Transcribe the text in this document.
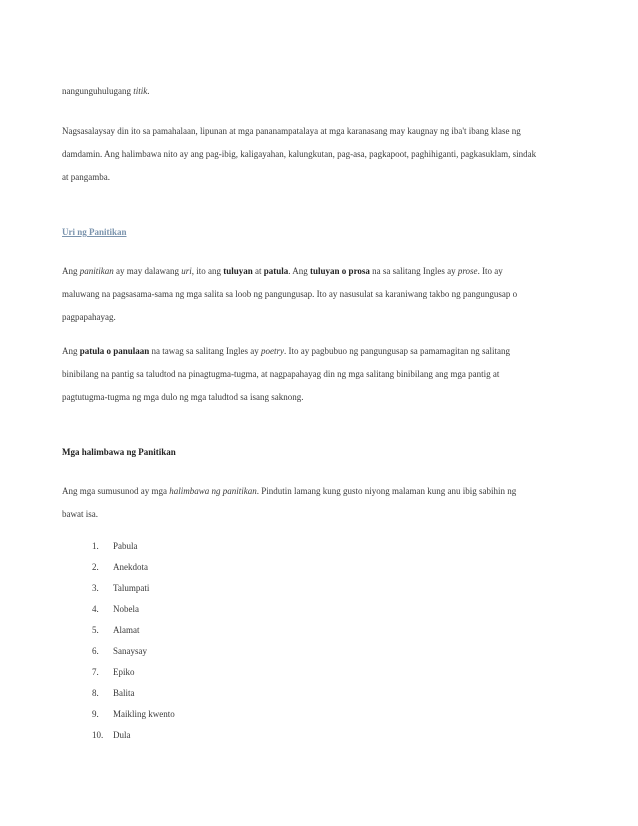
nangunguhulugang titik.
Nagsasalaysay din ito sa pamahalaan, lipunan at mga pananampatalaya at mga karanasang may kaugnay ng iba't ibang klase ng
damdamin. Ang halimbawa nito ay ang pag-ibig, kaligayahan, kalungkutan, pag-asa, pagkapoot, paghihiganti, pagkasuklam, sindak
at pangamba.
Uri ng Panitikan
Ang panitikan ay may dalawang uri, ito ang tuluyan at patula. Ang tuluyan o prosa na sa salitang Ingles ay prose. Ito ay
maluwang na pagsasama-sama ng mga salita sa loob ng pangungusap. Ito ay nasusulat sa karaniwang takbo ng pangungusap o
pagpapahayag.
Ang patula o panulaan na tawag sa salitang Ingles ay poetry. Ito ay pagbubuo ng pangungusap sa pamamagitan ng salitang
binibilang na pantig sa taludtod na pinagtugma-tugma, at nagpapahayag din ng mga salitang binibilang ang mga pantig at
pagtutugma-tugma ng mga dulo ng mga taludtod sa isang saknong.
Mga halimbawa ng Panitikan
Ang mga sumusunod ay mga halimbawa ng panitikan. Pindutin lamang kung gusto niyong malaman kung anu ibig sabihin ng
bawat isa.
1.	Pabula
2.	Anekdota
3.	Talumpati
4.	Nobela
5.	Alamat
6.	Sanaysay
7.	Epiko
8.	Balita
9.	Maikling kwento
10.	Dula
